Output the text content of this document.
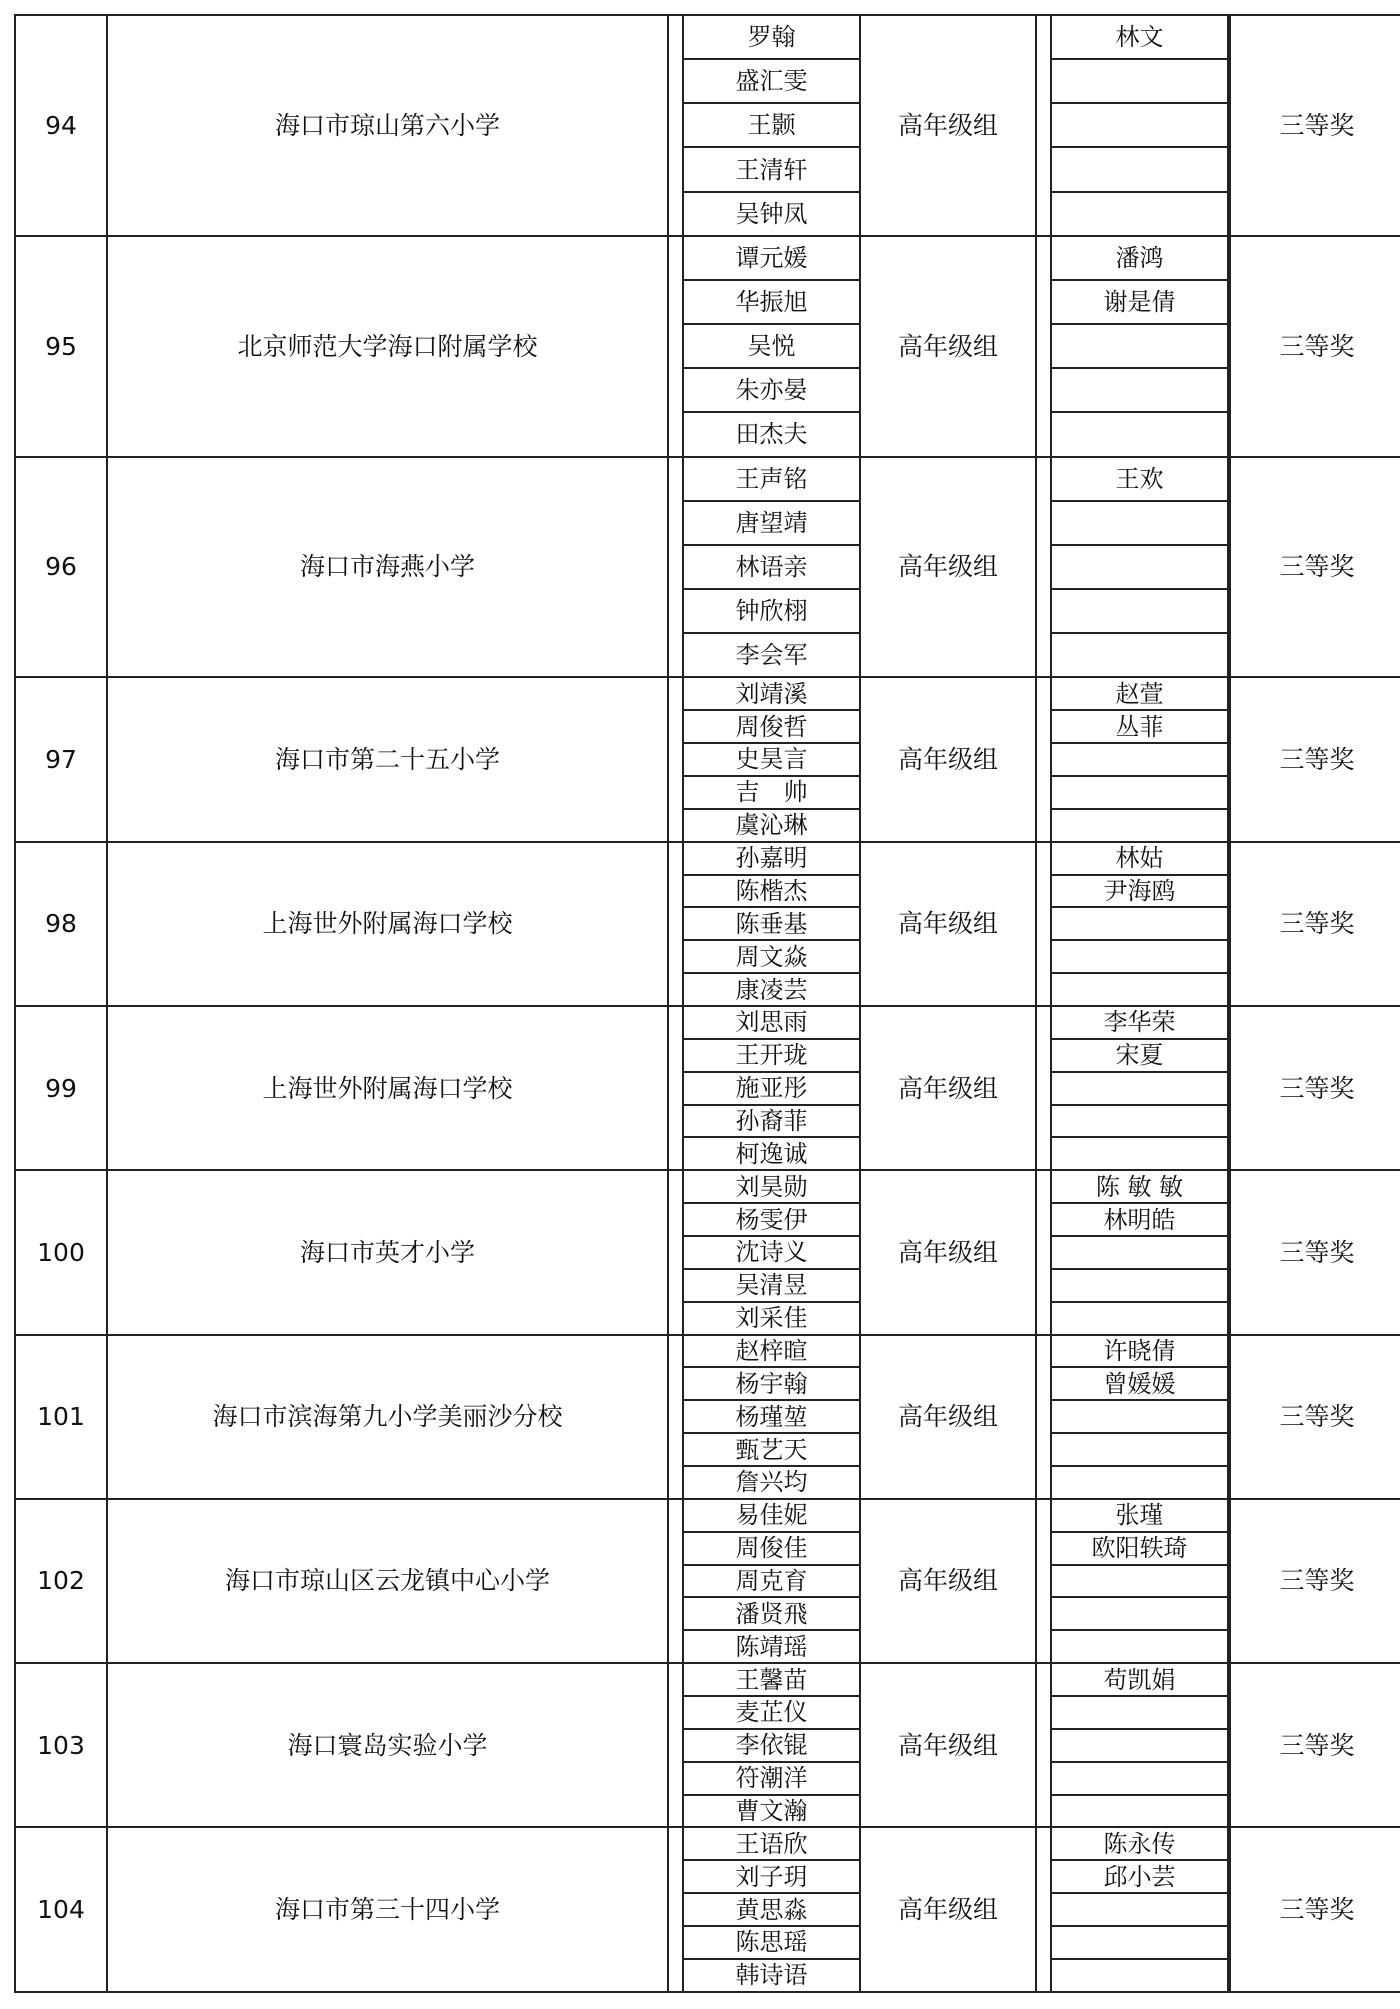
94	海口市琼山第六小学		罗翰	高年级组		林文		三等奖
			盛汇雯					
			王颢					
			王清轩					
			吴钟凤					
95	北京师范大学海口附属学校		谭元媛	高年级组		潘鸿		三等奖
			华振旭			谢是倩		
			吴悦					
			朱亦晏					
			田杰夫					
96	海口市海燕小学		王声铭	高年级组		王欢		三等奖
			唐望靖					
			林语亲					
			钟欣栩					
			李会军					
97	海口市第二十五小学		刘靖溪	高年级组		赵萱		三等奖
			周俊哲			丛菲		
			史昊言					
			吉　帅					
			虞沁琳					
98	上海世外附属海口学校		孙嘉明	高年级组		林姑		三等奖
			陈楷杰			尹海鸥		
			陈垂基					
			周文焱					
			康凌芸					
99	上海世外附属海口学校		刘思雨	高年级组		李华荣		三等奖
			王开珑			宋夏		
			施亚彤					
			孙裔菲					
			柯逸诚					
100	海口市英才小学		刘昊勋	高年级组		陈 敏 敏		三等奖
			杨雯伊			林明皓		
			沈诗义					
			吴清昱					
			刘采佳					
101	海口市滨海第九小学美丽沙分校		赵梓暄	高年级组		许晓倩		三等奖
			杨宇翰			曾媛媛		
			杨瑾堃					
			甄艺天					
			詹兴均					
102	海口市琼山区云龙镇中心小学		易佳妮	高年级组		张瑾		三等奖
			周俊佳			欧阳轶琦		
			周克育					
			潘贤飛					
			陈靖瑶					
103	海口寰岛实验小学		王馨苗	高年级组		苟凯娟		三等奖
			麦芷仪					
			李依锟					
			符潮洋					
			曹文瀚					
104	海口市第三十四小学		王语欣	高年级组		陈永传		三等奖
			刘子玥			邱小芸		
			黄思淼					
			陈思瑶					
			韩诗语					
